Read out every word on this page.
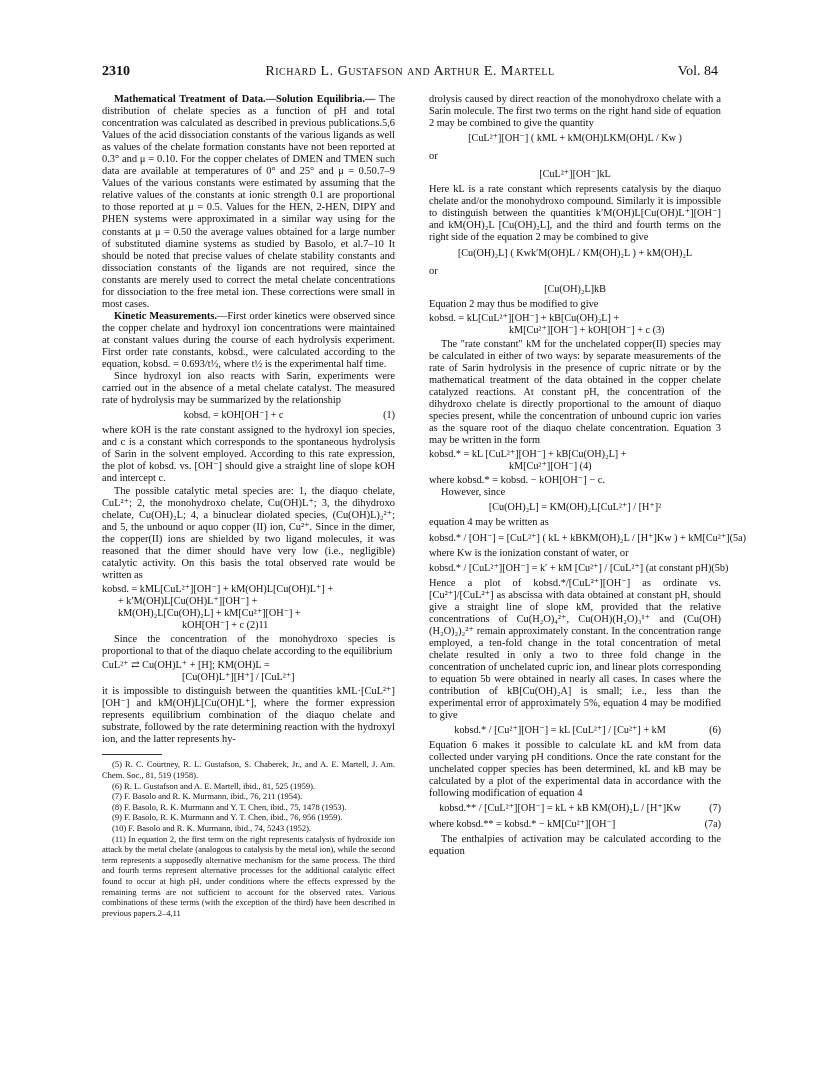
2310	Richard L. Gustafson and Arthur E. Martell	Vol. 84

Mathematical Treatment of Data.—Solution Equilibria.— The distribution of chelate species as a function of pH and total concentration was calculated as described in previous publications.5,6 Values of the acid dissociation constants of the various ligands as well as values of the chelate formation constants have not been reported at 0.3° and μ = 0.10. For the copper chelates of DMEN and TMEN such data are available at temperatures of 0° and 25° and μ = 0.50.7–9 Values of the various constants were estimated by assuming that the relative values of the constants at ionic strength 0.1 are proportional to those reported at μ = 0.5. Values for the HEN, 2-HEN, DIPY and PHEN systems were approximated in a similar way using for the constants at μ = 0.50 the average values obtained for a large number of substituted diamine systems as studied by Basolo, et al.7–10 It should be noted that precise values of chelate stability constants and dissociation constants of the ligands are not required, since the constants are merely used to correct the metal chelate concentrations for dissociation to the free metal ion. These corrections were small in most cases.

Kinetic Measurements.—First order kinetics were observed since the copper chelate and hydroxyl ion concentrations were maintained at constant values during the course of each hydrolysis experiment. First order rate constants, kobsd., were calculated according to the equation, kobsd. = 0.693/t½, where t½ is the experimental half time.

Since hydroxyl ion also reacts with Sarin, experiments were carried out in the absence of a metal chelate catalyst. The measured rate of hydrolysis may be summarized by the relationship

kobsd. = kOH[OH⁻] + c	(1)

where kOH is the rate constant assigned to the hydroxyl ion species, and c is a constant which corresponds to the spontaneous hydrolysis of Sarin in the solvent employed. According to this rate expression, the plot of kobsd. vs. [OH⁻] should give a straight line of slope kOH and intercept c.

The possible catalytic metal species are: 1, the diaquo chelate, CuL²⁺; 2, the monohydroxo chelate, Cu(OH)L⁺; 3, the dihydroxo chelate, Cu(OH)₂L; 4, a binuclear diolated species, (Cu(OH)L)₂²⁺; and 5, the unbound or aquo copper (II) ion, Cu²⁺. Since in the dimer, the copper(II) ions are shielded by two ligand molecules, it was reasoned that the dimer should have very low (i.e., negligible) catalytic activity. On this basis the total observed rate would be written as

kobsd. = kML[CuL²⁺][OH⁻] + kM(OH)L[Cu(OH)L⁺] +
+ k′M(OH)L[Cu(OH)L⁺][OH⁻] +
kM(OH)₂L[Cu(OH)₂L] + kM[Cu²⁺][OH⁻] +
kOH[OH⁻] + c (2)11

Since the concentration of the monohydroxo species is proportional to that of the diaquo chelate according to the equilibrium

CuL²⁺ ⇄ Cu(OH)L⁺ + [H]; KM(OH)L =
[Cu(OH)L⁺][H⁺] / [CuL²⁺]

it is impossible to distinguish between the quantities kML·[CuL²⁺][OH⁻] and kM(OH)L[Cu(OH)L⁺], where the former expression represents equilibrium combination of the diaquo chelate and substrate, followed by the rate determining reaction with the hydroxyl ion, and the latter represents hy-

(5) R. C. Courtney, R. L. Gustafson, S. Chaberek, Jr., and A. E. Martell, J. Am. Chem. Soc., 81, 519 (1958).
(6) R. L. Gustafson and A. E. Martell, ibid., 81, 525 (1959).
(7) F. Basolo and R. K. Murmann, ibid., 76, 211 (1954).
(8) F. Basolo, R. K. Murmann and Y. T. Chen, ibid., 75, 1478 (1953).
(9) F. Basolo, R. K. Murmann and Y. T. Chen, ibid., 76, 956 (1959).
(10) F. Basolo and R. K. Murmann, ibid., 74, 5243 (1952).
(11) In equation 2, the first term on the right represents catalysis of hydroxide ion attack by the metal chelate (analogous to catalysis by the metal ion), while the second term represents a supposedly alternative mechanism for the same process. The third and fourth terms represent alternative processes for the additional catalytic effect found to occur at high pH, under conditions where the effects expressed by the remaining terms are not sufficient to account for the observed rates. Various combinations of these terms (with the exception of the third) have been described in previous papers.2–4,11

drolysis caused by direct reaction of the monohydroxo chelate with a Sarin molecule. The first two terms on the right hand side of equation 2 may be combined to give the quantity

[CuL²⁺][OH⁻] ( kML + kM(OH)LKM(OH)L / Kw )

or

[CuL²⁺][OH⁻]kL

Here kL is a rate constant which represents catalysis by the diaquo chelate and/or the monohydroxo compound. Similarly it is impossible to distinguish between the quantities k′M(OH)L[Cu(OH)L⁺][OH⁻] and kM(OH)₂L [Cu(OH)₂L], and the third and fourth terms on the right side of the equation 2 may be combined to give

[Cu(OH)₂L] ( Kwk′M(OH)L / KM(OH)₂L ) + kM(OH)₂L

or

[Cu(OH)₂L]kB

Equation 2 may thus be modified to give

kobsd. = kL[CuL²⁺][OH⁻] + kB[Cu(OH)₂L] +
kM[Cu²⁺][OH⁻] + kOH[OH⁻] + c (3)

The "rate constant" kM for the unchelated copper(II) species may be calculated in either of two ways: by separate measurements of the rate of Sarin hydrolysis in the presence of cupric nitrate or by the mathematical treatment of the data obtained in the copper chelate catalyzed reactions. At constant pH, the concentration of the dihydroxo chelate is directly proportional to the amount of diaquo species present, while the concentration of unbound cupric ion varies as the square root of the diaquo chelate concentration. Equation 3 may be written in the form

kobsd.* = kL [CuL²⁺][OH⁻] + kB[Cu(OH)₂L] +
kM[Cu²⁺][OH⁻] (4)

where kobsd.* = kobsd. − kOH[OH⁻] − c.

However, since

[Cu(OH)₂L] = KM(OH)₂L[CuL²⁺] / [H⁺]²

equation 4 may be written as

kobsd.* / [OH⁻] = [CuL²⁺] ( kL + kBKM(OH)₂L / [H⁺]Kw ) + kM[Cu²⁺] (5a)

where Kw is the ionization constant of water, or

kobsd.* / [CuL²⁺][OH⁻] = k′ + kM [Cu²⁺] / [CuL²⁺] (at constant pH) (5b)

Hence a plot of kobsd.*/[CuL²⁺][OH⁻] as ordinate vs. [Cu²⁺]/[CuL²⁺] as abscissa with data obtained at constant pH, should give a straight line of slope kM, provided that the relative concentrations of Cu(H₂O)₄²⁺, Cu(OH)(H₂O)₃¹⁺ and (Cu(OH)(H₂O)₂)₂²⁺ remain approximately constant. In the concentration range employed, a ten-fold change in the total concentration of metal chelate resulted in only a two to three fold change in the concentration of unchelated cupric ion, and linear plots corresponding to equation 5b were obtained in nearly all cases. In cases where the contribution of kB[Cu(OH)₂A] is small; i.e., less than the experimental error of approximately 5%, equation 4 may be modified to give

kobsd.* / [Cu²⁺][OH⁻] = kL [CuL²⁺] / [Cu²⁺] + kM	(6)

Equation 6 makes it possible to calculate kL and kM from data collected under varying pH conditions. Once the rate constant for the unchelated copper species has been determined, kL and kB may be calculated by a plot of the experimental data in accordance with the following modification of equation 4

kobsd.** / [CuL²⁺][OH⁻] = kL + kB KM(OH)₂L / [H⁺]Kw	(7)
where kobsd.** = kobsd.* − kM[Cu²⁺][OH⁻]	(7a)

The enthalpies of activation may be calculated according to the equation
